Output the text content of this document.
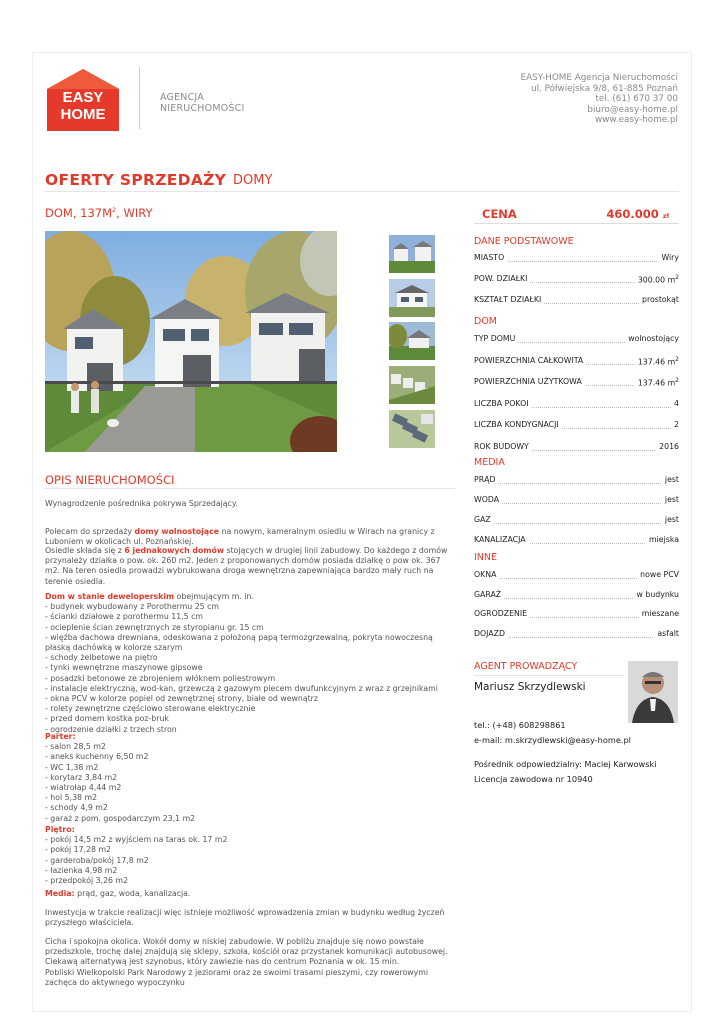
EASY
HOME
AGENCJA
NIERUCHOMOŚCI
EASY-HOME Agencja Nieruchomości
ul. Półwiejska 9/8, 61-885 Poznań
tel. (61) 670 37 00
biuro@easy-home.pl
www.easy-home.pl
OFERTY SPRZEDAŻY DOMY
DOM, $137M^2$, WIRY	CENA	460.000 zł
DANE PODSTAWOWE
MIASTO	Wiry
POW. DZIAŁKI	300.00 $m^2$
KSZTAŁT DZIAŁKI	prostokąt
DOM
TYP DOMU	wolnostojący
POWIERZCHNIA CAŁKOWITA	137.46 $m^2$
POWIERZCHNIA UŻYTKOWA	137.46 $m^2$
LICZBA POKOI	4
LICZBA KONDYGNACJI	2
ROK BUDOWY	2016
MEDIA
PRĄD	jest
WODA	jest
GAZ	jest
KANALIZACJA	miejska
INNE
OKNA	nowe PCV
GARAŻ	w budynku
OGRODZENIE	mieszane
DOJAZD	asfalt
AGENT PROWADZĄCY
Mariusz Skrzydlewski
tel.: (+48) 608298861
e-mail: m.skrzydlewski@easy-home.pl
Pośrednik odpowiedzialny: Maciej Karwowski
Licencja zawodowa nr 10940
OPIS NIERUCHOMOŚCI
Wynagrodzenie pośrednika pokrywa Sprzedający.
Polecam do sprzedaży domy wolnostojące na nowym, kameralnym osiedlu w Wirach na granicy z
Luboniem w okolicach ul. Poznańskiej.
Osiedle składa się z 6 jednakowych domów stojących w drugiej linii zabudowy. Do każdego z domów
przynależy działka o pow. ok. 260 m2. Jeden z proponowanych domów posiada działkę o pow ok. 367
m2. Na teren osiedla prowadzi wybrukowana droga wewnętrzna zapewniająca bardzo mały ruch na
terenie osiedla.
Dom w stanie deweloperskim obejmującym m. in.
- budynek wybudowany z Porothermu 25 cm
- ścianki działowe z porothermu 11,5 cm
- ocieplenie ścian zewnętrznych ze styropianu gr. 15 cm
- więźba dachowa drewniana, odeskowana z położoną papą termozgrzewalną, pokryta nowoczesną
płaską dachówką w kolorze szarym
- schody żelbetowe na piętro
- tynki wewnętrzne maszynowe gipsowe
- posadzki betonowe ze zbrojeniem włóknem poliestrowym
- instalacje elektryczną, wod-kan, grzewczą z gazowym piecem dwufunkcyjnym z wraz z grzejnikami
- okna PCV w kolorze popiel od zewnętrznej strony, białe od wewnątrz
- rolety zewnętrzne częściowo sterowane elektrycznie
- przed domem kostka poz-bruk
- ogrodzenie działki z trzech stron
Parter:
- salon 28,5 m2
- aneks kuchenny 6,50 m2
- WC 1,38 m2
- korytarz 3,84 m2
- wiatrołap 4,44 m2
- hol 5,38 m2
- schody 4,9 m2
- garaż z pom. gospodarczym 23,1 m2
Piętro:
- pokój 14,5 m2 z wyjściem na taras ok. 17 m2
- pokój 17,28 m2
- garderoba/pokój 17,8 m2
- łazienka 4,98 m2
- przedpokój 3,26 m2
Media: prąd, gaz, woda, kanalizacja.
Inwestycja w trakcie realizacji więc istnieje możliwość wprowadzenia zmian w budynku według życzeń
przyszłego właściciela.
Cicha i spokojna okolica. Wokół domy w niskiej zabudowie. W pobliżu znajduje się nowo powstałe
przedszkole, trochę dalej znajdują się sklepy, szkoła, kościół oraz przystanek komunikacji autobusowej.
Ciekawą alternatywą jest szynobus, który zawiezie nas do centrum Poznania w ok. 15 min.
Pobliski Wielkopolski Park Narodowy z jeziorami oraz ze swoimi trasami pieszymi, czy rowerowymi
zachęca do aktywnego wypoczynku
